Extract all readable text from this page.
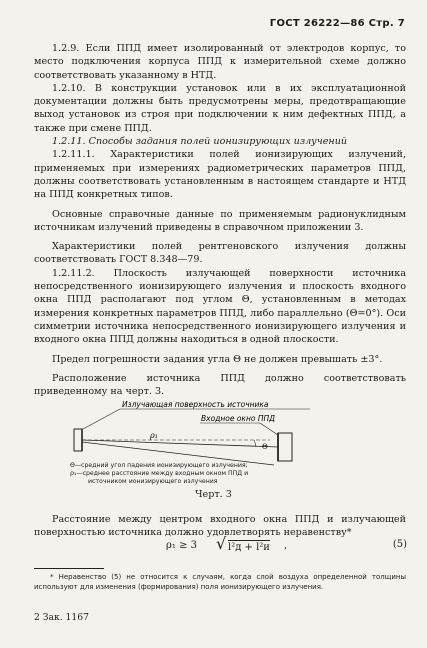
ГОСТ 26222—86 Стр. 7

1.2.9. Если ППД имеет изолированный от электродов корпус, то место подключения корпуса ППД к измерительной схеме должно соответствовать указанному в НТД.

1.2.10. В конструкции установок или в их эксплуатационной документации должны быть предусмотрены меры, предотвращающие выход установок из строя при подключении к ним дефектных ППД, а также при смене ППД.

1.2.11. Способы задания полей ионизирующих излучений

1.2.11.1. Характеристики полей ионизирующих излучений, применяемых при измерениях радиометрических параметров ППД, должны соответствовать установленным в настоящем стандарте и НТД на ППД конкретных типов.

Основные справочные данные по применяемым радионуклидным источникам излучений приведены в справочном приложении 3.

Характеристики полей рентгеновского излучения должны соответствовать ГОСТ 8.348—79.

1.2.11.2. Плоскость излучающей поверхности источника непосредственного ионизирующего излучения и плоскость входного окна ППД располагают под углом Θ, установленным в методах измерения конкретных параметров ППД, либо параллельно (Θ=0°). Оси симметрии источника непосредственного ионизирующего излучения и входного окна ППД должны находиться в одной плоскости.

Предел погрешности задания угла Θ не должен превышать ±3°.

Расположение источника ППД должно соответствовать приведенному на черт. 3.

Излучающая поверхность источника
Входное окно ППД
ρ₁
Θ
Θ—средний угол падения ионизирующего излучения;
ρ₁—среднее расстояние между входным окном ППД и
источником ионизирующего излучения
Черт. 3

Расстояние между центром входного окна ППД и излучающей поверхностью источника должно удовлетворять неравенству*

ρ₁ ≥ 3 √ l²д + l²и ,	(5)
* Неравенство (5) не относится к случаям, когда слой воздуха определенной толщины используют для изменения (формирования) поля ионизирующего излучения.
2 Зак. 1167
